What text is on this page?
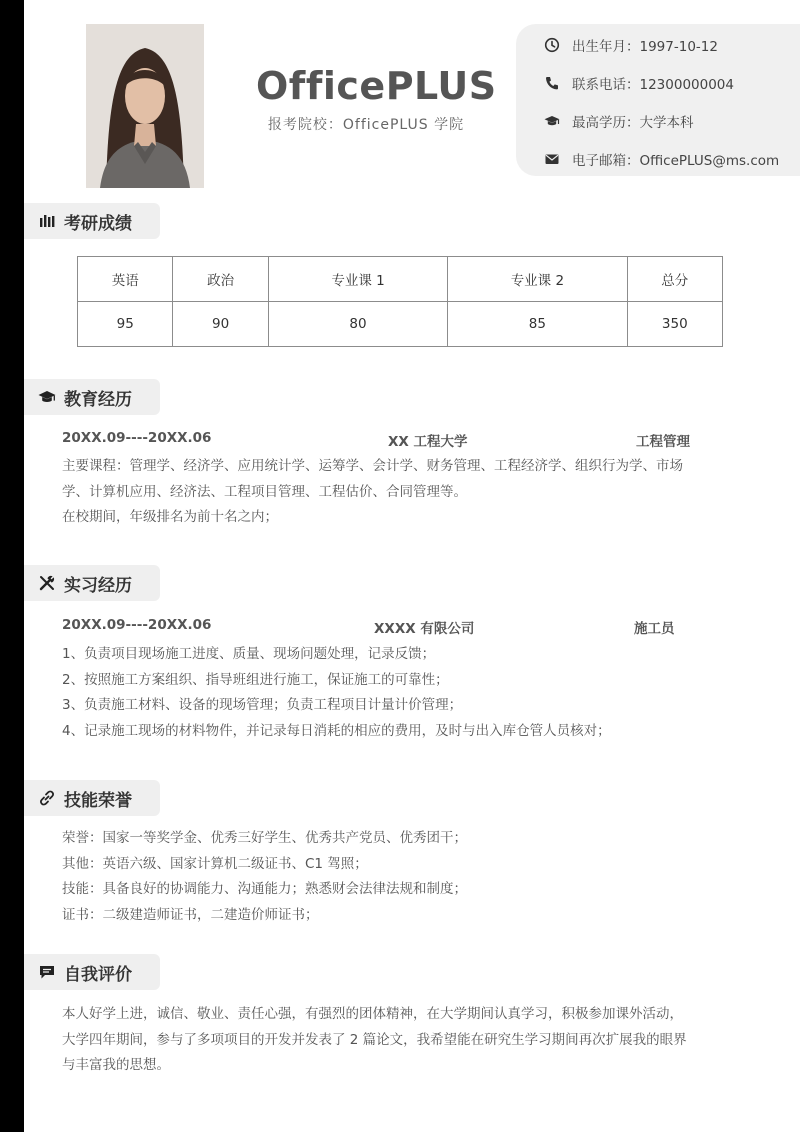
OfficePLUS
报考院校：OfficePLUS 学院
出生年月：1997-10-12
联系电话：12300000004
最高学历：大学本科
电子邮箱：OfficePLUS@ms.com
考研成绩
英语	政治	专业课 1	专业课 2	总分
95	90	80	85	350
教育经历
20XX.09----20XX.06	XX 工程大学	工程管理
主要课程：管理学、经济学、应用统计学、运筹学、会计学、财务管理、工程经济学、组织行为学、市场
学、计算机应用、经济法、工程项目管理、工程估价、合同管理等。
在校期间，年级排名为前十名之内；
实习经历
20XX.09----20XX.06	XXXX 有限公司	施工员
1、负责项目现场施工进度、质量、现场问题处理，记录反馈；
2、按照施工方案组织、指导班组进行施工，保证施工的可靠性；
3、负责施工材料、设备的现场管理；负责工程项目计量计价管理；
4、记录施工现场的材料物件，并记录每日消耗的相应的费用，及时与出入库仓管人员核对；
技能荣誉
荣誉：国家一等奖学金、优秀三好学生、优秀共产党员、优秀团干；
其他：英语六级、国家计算机二级证书、C1 驾照；
技能：具备良好的协调能力、沟通能力；熟悉财会法律法规和制度；
证书：二级建造师证书，二建造价师证书；
自我评价
本人好学上进，诚信、敬业、责任心强，有强烈的团体精神，在大学期间认真学习，积极参加课外活动，
大学四年期间，参与了多项项目的开发并发表了 2 篇论文，我希望能在研究生学习期间再次扩展我的眼界
与丰富我的思想。
